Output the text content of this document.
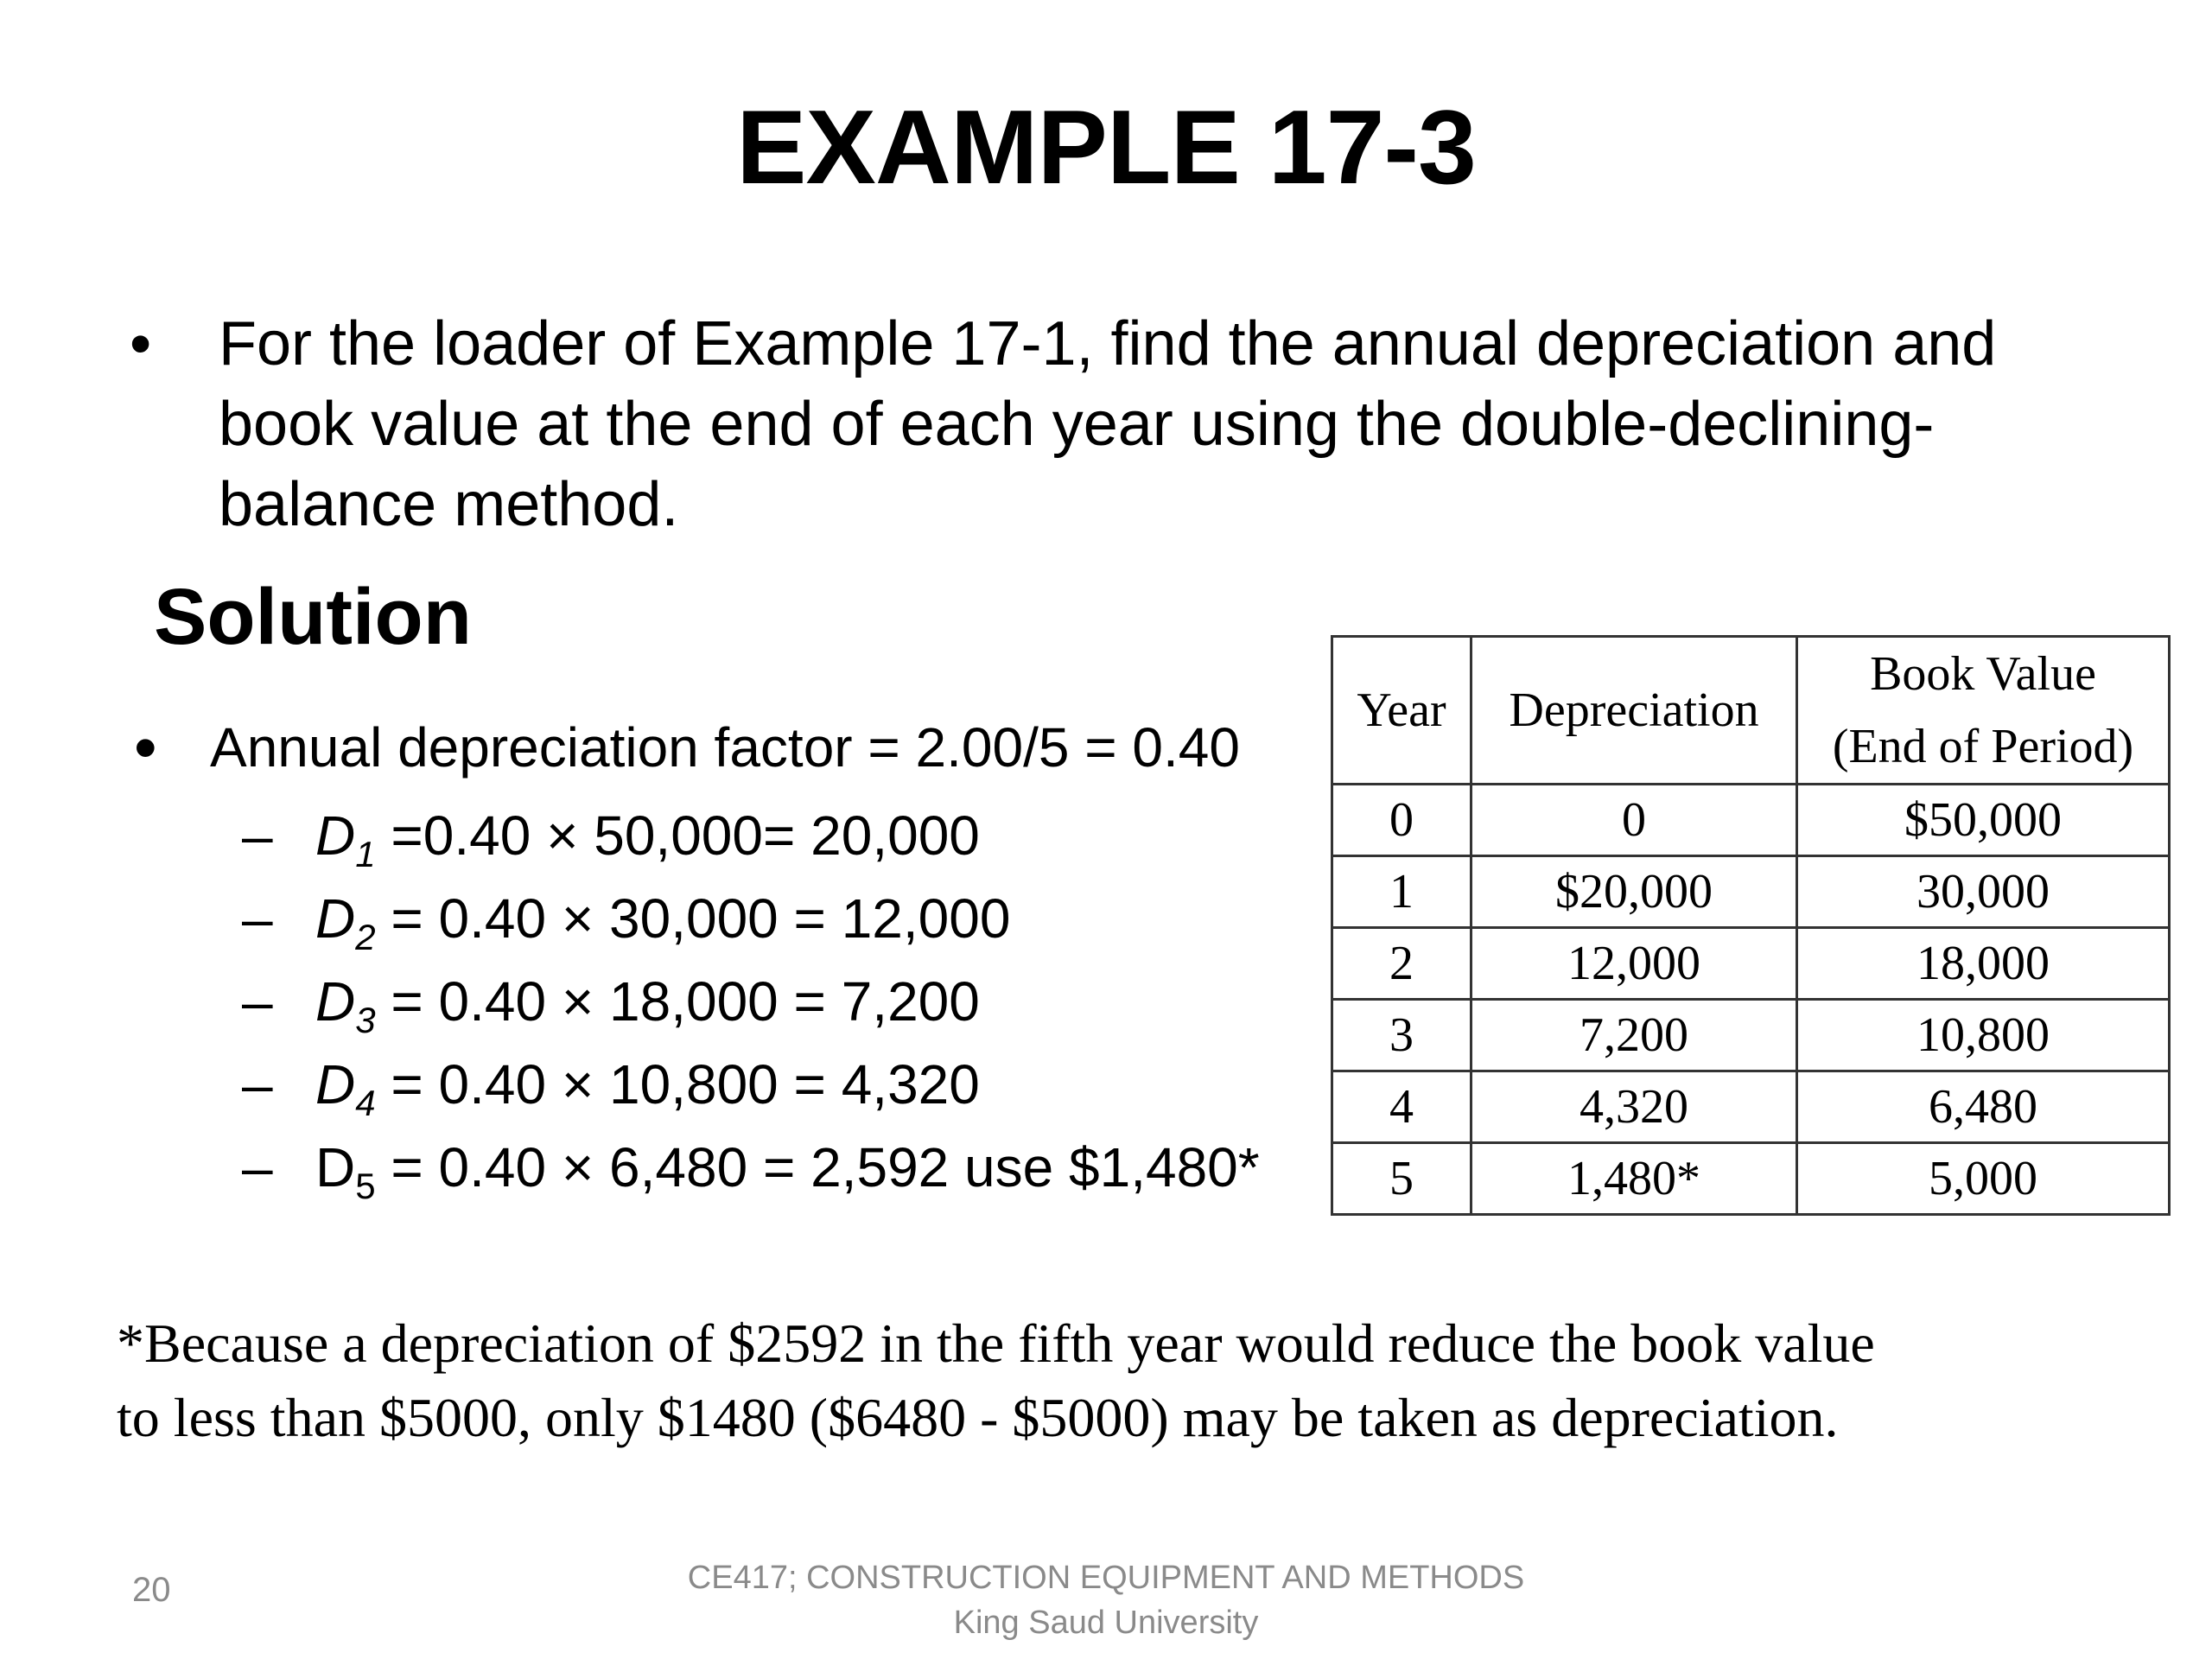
EXAMPLE 17-3
•	For the loader of Example 17-1, find the annual depreciation and book value at the end of each year using the double-declining-balance method.
Solution
• Annual depreciation factor = 2.00/5 = 0.40
– $D_1 =0.40 \times 50,000= 20,000$
– $D_2 = 0.40 \times 30,000 = 12,000$
– $D_3 = 0.40 \times 18,000 = 7,200$
– $D_4 = 0.40 \times 10,800 = 4,320$
– $D_5 = 0.40 \times 6,480 = 2,592$ use $1,480*
Year	Depreciation	Book Value
(End of Period)

0	0	$50,000
1	$20,000	30,000
2	12,000	18,000
3	7,200	10,800
4	4,320	6,480
5	1,480*	5,000
*Because a depreciation of $2592 in the fifth year would reduce the book value
to less than $5000, only $1480 ($6480 - $5000) may be taken as depreciation.
20	CE417; CONSTRUCTION EQUIPMENT AND METHODS
King Saud University
